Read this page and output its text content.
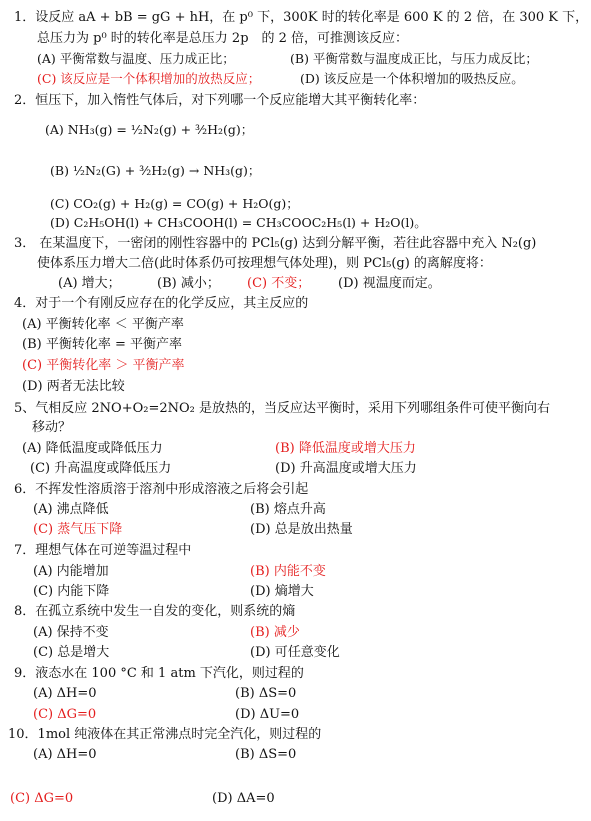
1．设反应 aA + bB = gG + hH，在 p⁰ 下，300K 时的转化率是 600 K 的 2 倍，在 300 K 下，
总压力为 p⁰ 时的转化率是总压力 2p　的 2 倍，可推测该反应：
(A) 平衡常数与温度、压力成正比；	(B) 平衡常数与温度成正比，与压力成反比；
(C) 该反应是一个体积增加的放热反应；	(D) 该反应是一个体积增加的吸热反应。
2．恒压下，加入惰性气体后，对下列哪一个反应能增大其平衡转化率：
(A) NH₃(g) = ½N₂(g) + ³⁄₂H₂(g)；
(B) ½N₂(G) + ³⁄₂H₂(g) → NH₃(g)；
(C) CO₂(g) + H₂(g) = CO(g) + H₂O(g)；
(D) C₂H₅OH(l) + CH₃COOH(l) = CH₃COOC₂H₅(l) + H₂O(l)。
3． 在某温度下，一密闭的刚性容器中的 PCl₅(g) 达到分解平衡，若往此容器中充入 N₂(g)
使体系压力增大二倍(此时体系仍可按理想气体处理)，则 PCl₅(g) 的离解度将：
(A) 增大；	(B) 减小； (C) 不变； (D) 视温度而定。
4．对于一个有刚反应存在的化学反应，其主反应的
(A) 平衡转化率 ＜ 平衡产率
(B) 平衡转化率 = 平衡产率
(C) 平衡转化率 ＞ 平衡产率
(D) 两者无法比较
5、气相反应 2NO+O₂=2NO₂ 是放热的，当反应达平衡时，采用下列哪组条件可使平衡向右
移动？
(A) 降低温度或降低压力	(B) 降低温度或增大压力
(C) 升高温度或降低压力	(D) 升高温度或增大压力
6．不挥发性溶质溶于溶剂中形成溶液之后将会引起
(A) 沸点降低	(B) 熔点升高
(C) 蒸气压下降	(D) 总是放出热量
7．理想气体在可逆等温过程中
(A) 内能增加	(B) 内能不变
(C) 内能下降	(D) 熵增大
8．在孤立系统中发生一自发的变化，则系统的熵
(A) 保持不变	(B) 减少
(C) 总是增大	(D) 可任意变化
9．液态水在 100 °C 和 1 atm 下汽化，则过程的
(A) ΔH=0	(B) ΔS=0
(C) ΔG=0	(D) ΔU=0
10．1mol 纯液体在其正常沸点时完全汽化，则过程的
(A) ΔH=0	(B) ΔS=0
(C) ΔG=0	(D) ΔA=0
